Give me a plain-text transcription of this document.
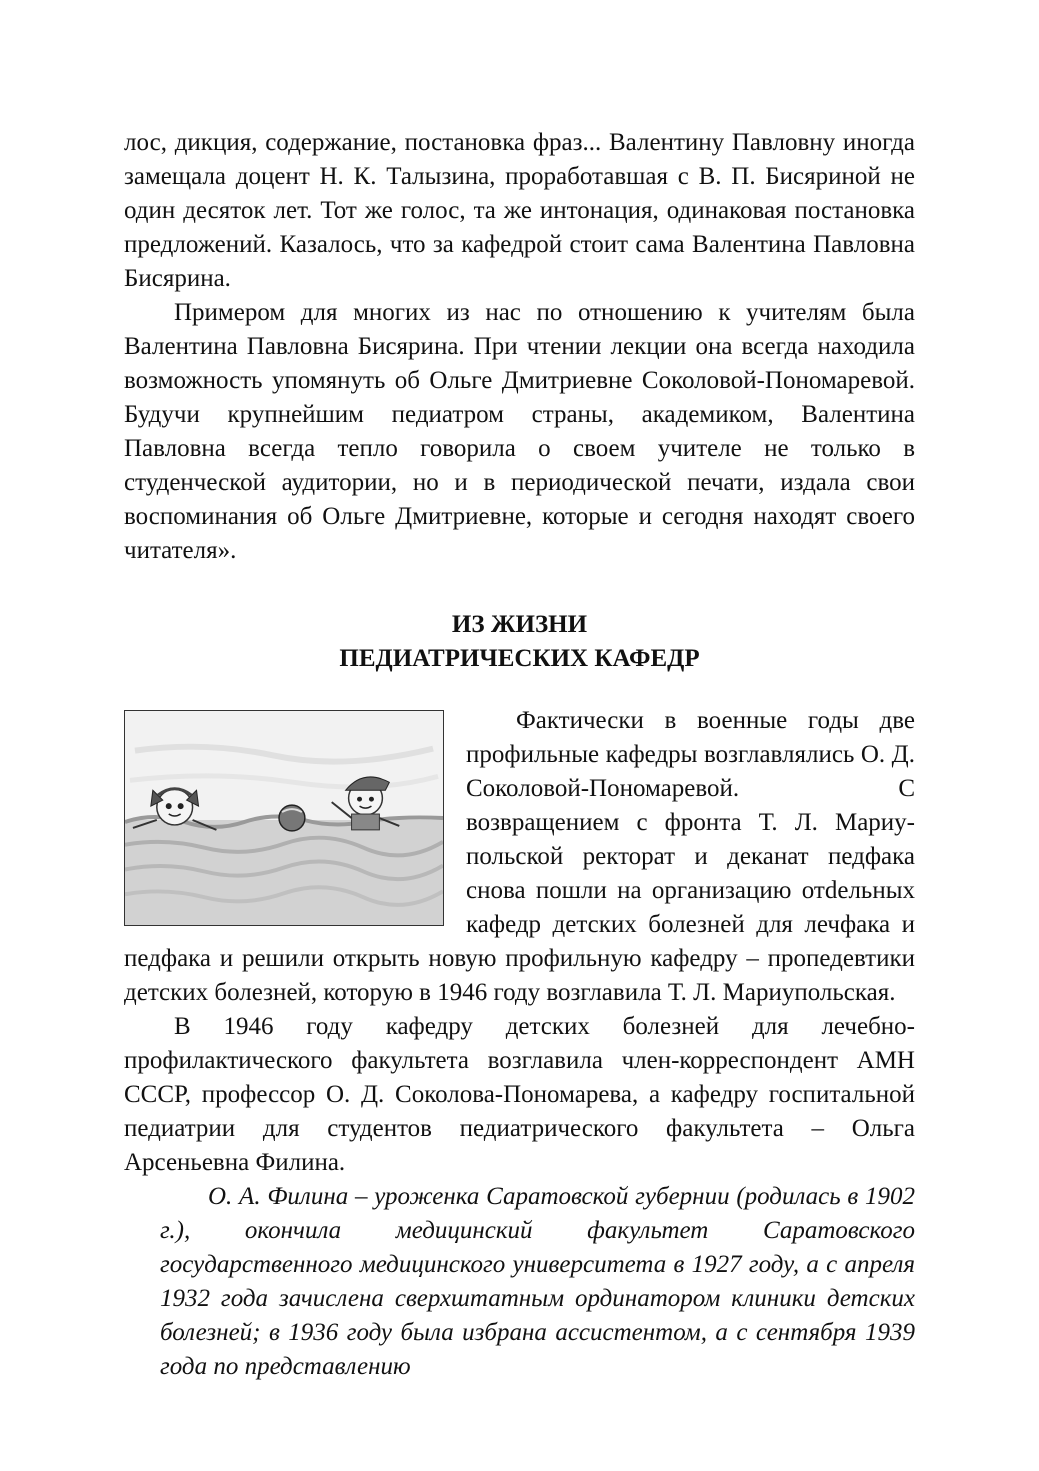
лос, дикция, содержание, постановка фраз... Валентину Павловну иногда замещала доцент Н. К. Талызина, проработавшая с В. П. Бисяриной не один десяток лет. Тот же голос, та же интонация, одинаковая постановка предложений. Казалось, что за кафедрой стоит сама Валентина Павловна Бисярина.

Примером для многих из нас по отношению к учителям была Валентина Павловна Бисярина. При чтении лекции она всегда находила возможность упомянуть об Ольге Дмитриевне Соколовой-Пономаревой. Будучи крупнейшим педиатром страны, академиком, Валентина Павловна всегда тепло говорила о своем учителе не только в студенческой аудитории, но и в периодической печати, издала свои воспоминания об Ольге Дмитриевне, которые и сегодня находят своего читателя».

ИЗ ЖИЗНИ
ПЕДИАТРИЧЕСКИХ КАФЕДР

Фактически в военные годы две профильные кафедры возглавлялись О. Д. Соколовой-Пономаревой. С возвращением с фронта Т. Л. Мариупольской ректорат и деканат педфака снова пошли на организацию отdельных кафедр детских болезней для лечфака и педфака и решили открыть новую профильную кафедру – пропедевтики детских болезней, которую в 1946 году возглавила Т. Л. Мариупольская.

В 1946 году кафедру детских болезней для лечебно-профилактического факультета возглавила член-корреспондент АМН СССР, профессор О. Д. Соколова-Пономарева, а кафедру госпитальной педиатрии для студентов педиатрического факультета – Ольга Арсеньевна Филина.

О. А. Филина – уроженка Саратовской губернии (родилась в 1902 г.), окончила медицинский факультет Саратовского государственного медицинского университета в 1927 году, а с апреля 1932 года зачислена сверхштатным ординатором клиники детских болезней; в 1936 году была избрана ассистентом, а с сентября 1939 года по представлению
